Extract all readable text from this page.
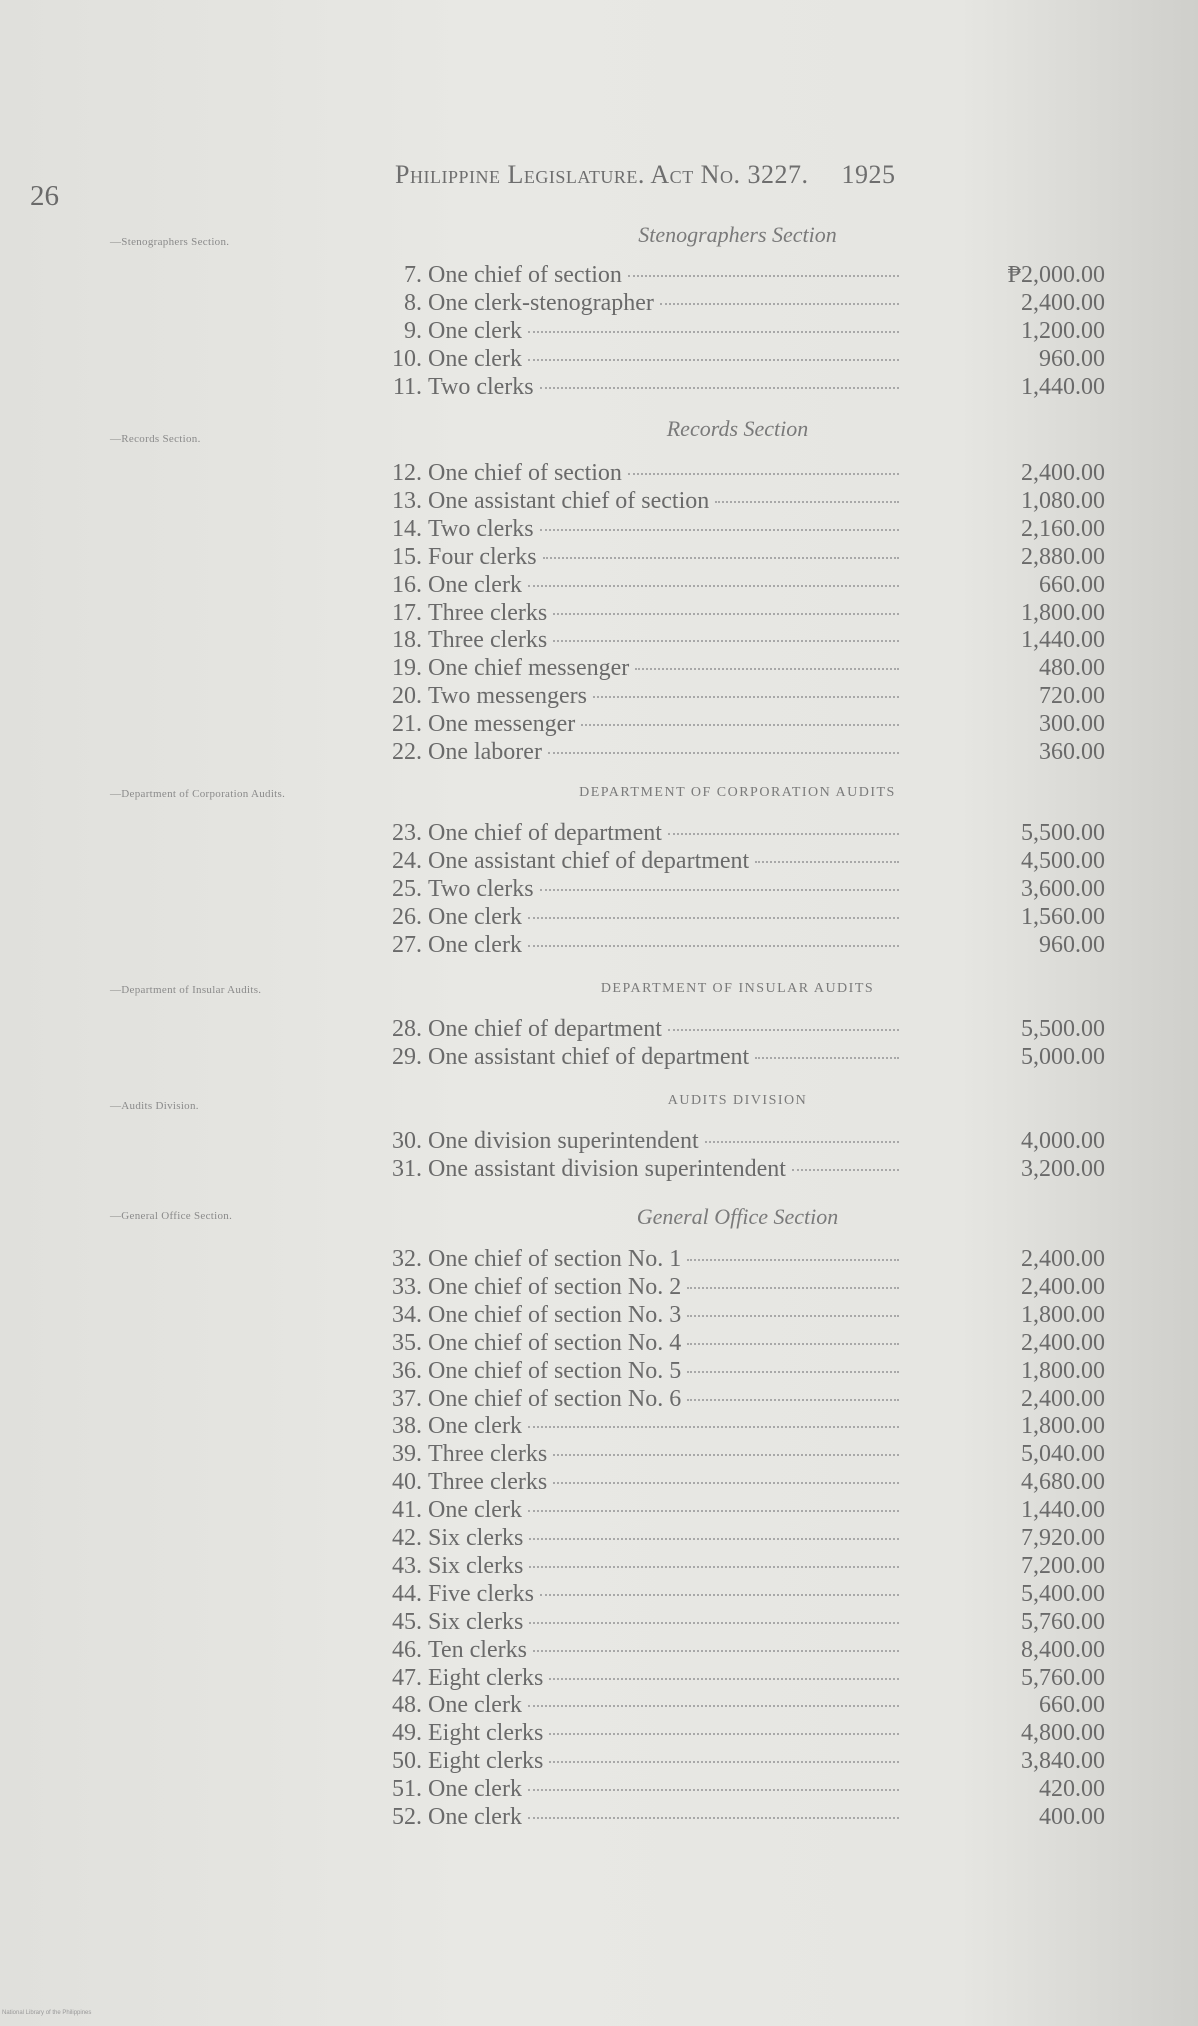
26
Philippine Legislature. Act No. 3227. 1925
—Stenographers Section.
—Records Section.
—Department of Corporation Audits.
—Department of Insular Audits.
—Audits Division.
—General Office Section.
Stenographers Section
Records Section
DEPARTMENT OF CORPORATION AUDITS
DEPARTMENT OF INSULAR AUDITS
AUDITS DIVISION
General Office Section
7. One chief of section	₱2,000.00
8. One clerk-stenographer	2,400.00
9. One clerk	1,200.00
10. One clerk	960.00
11. Two clerks	1,440.00
12. One chief of section	2,400.00
13. One assistant chief of section	1,080.00
14. Two clerks	2,160.00
15. Four clerks	2,880.00
16. One clerk	660.00
17. Three clerks	1,800.00
18. Three clerks	1,440.00
19. One chief messenger	480.00
20. Two messengers	720.00
21. One messenger	300.00
22. One laborer	360.00
23. One chief of department	5,500.00
24. One assistant chief of department	4,500.00
25. Two clerks	3,600.00
26. One clerk	1,560.00
27. One clerk	960.00
28. One chief of department	5,500.00
29. One assistant chief of department	5,000.00
30. One division superintendent	4,000.00
31. One assistant division superintendent	3,200.00
32. One chief of section No. 1	2,400.00
33. One chief of section No. 2	2,400.00
34. One chief of section No. 3	1,800.00
35. One chief of section No. 4	2,400.00
36. One chief of section No. 5	1,800.00
37. One chief of section No. 6	2,400.00
38. One clerk	1,800.00
39. Three clerks	5,040.00
40. Three clerks	4,680.00
41. One clerk	1,440.00
42. Six clerks	7,920.00
43. Six clerks	7,200.00
44. Five clerks	5,400.00
45. Six clerks	5,760.00
46. Ten clerks	8,400.00
47. Eight clerks	5,760.00
48. One clerk	660.00
49. Eight clerks	4,800.00
50. Eight clerks	3,840.00
51. One clerk	420.00
52. One clerk	400.00
National Library of the Philippines
